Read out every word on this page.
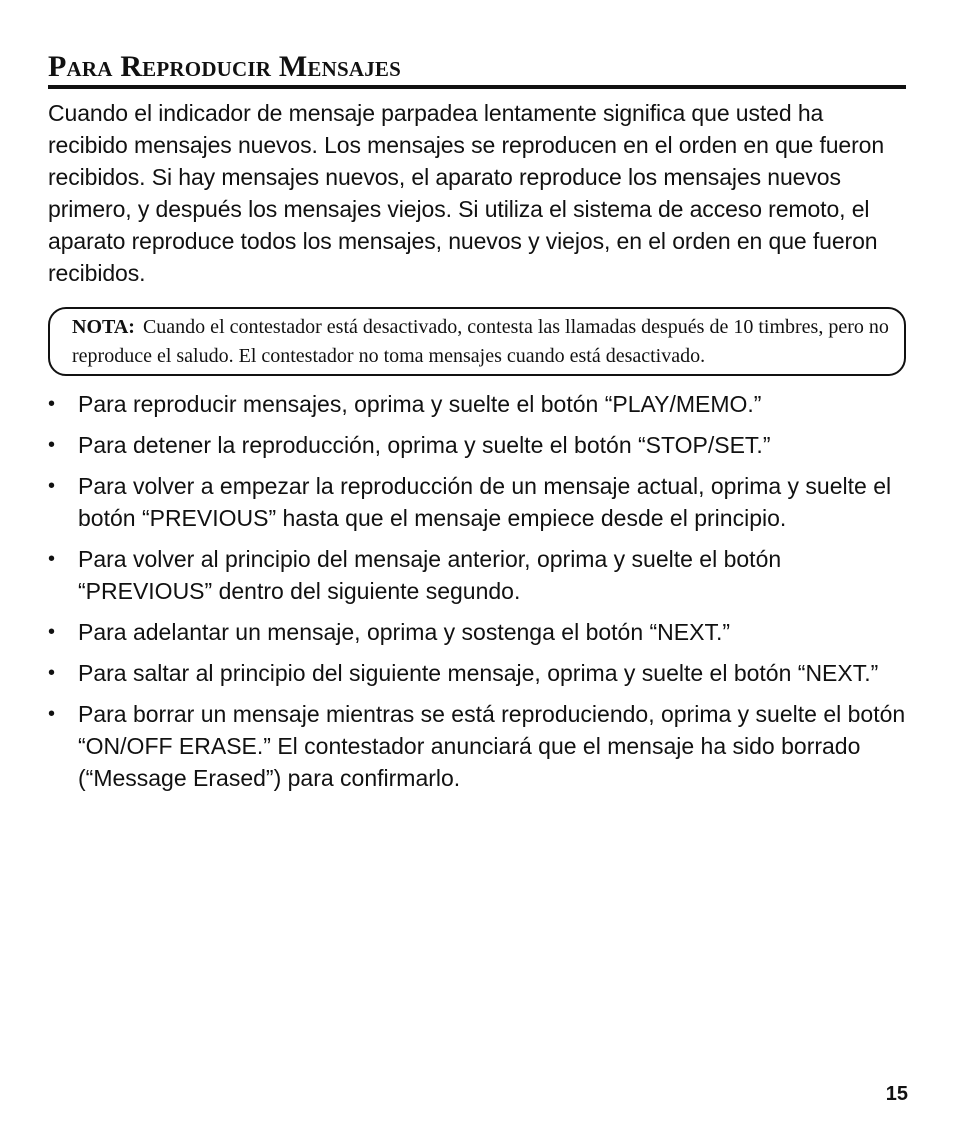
Para Reproducir Mensajes

Cuando el indicador de mensaje parpadea lentamente significa que usted ha recibido mensajes nuevos. Los mensajes se reproducen en el orden en que fueron recibidos. Si hay mensajes nuevos, el aparato reproduce los mensajes nuevos primero, y después los mensajes viejos. Si utiliza el sistema de acceso remoto, el aparato reproduce todos los mensajes, nuevos y viejos, en el orden en que fueron recibidos.

NOTA: Cuando el contestador está desactivado, contesta las llamadas después de 10 timbres, pero no reproduce el saludo. El contestador no toma mensajes cuando está desactivado.
• Para reproducir mensajes, oprima y suelte el botón “PLAY/MEMO.”
• Para detener la reproducción, oprima y suelte el botón “STOP/SET.”
• Para volver a empezar la reproducción de un mensaje actual, oprima y suelte el botón “PREVIOUS” hasta que el mensaje empiece desde el principio.
• Para volver al principio del mensaje anterior, oprima y suelte el botón “PREVIOUS” dentro del siguiente segundo.
• Para adelantar un mensaje, oprima y sostenga el botón “NEXT.”
• Para saltar al principio del siguiente mensaje, oprima y suelte el botón “NEXT.”
• Para borrar un mensaje mientras se está reproduciendo, oprima y suelte el botón “ON/OFF ERASE.” El contestador anunciará que el mensaje ha sido borrado (“Message Erased”) para confirmarlo.
15
